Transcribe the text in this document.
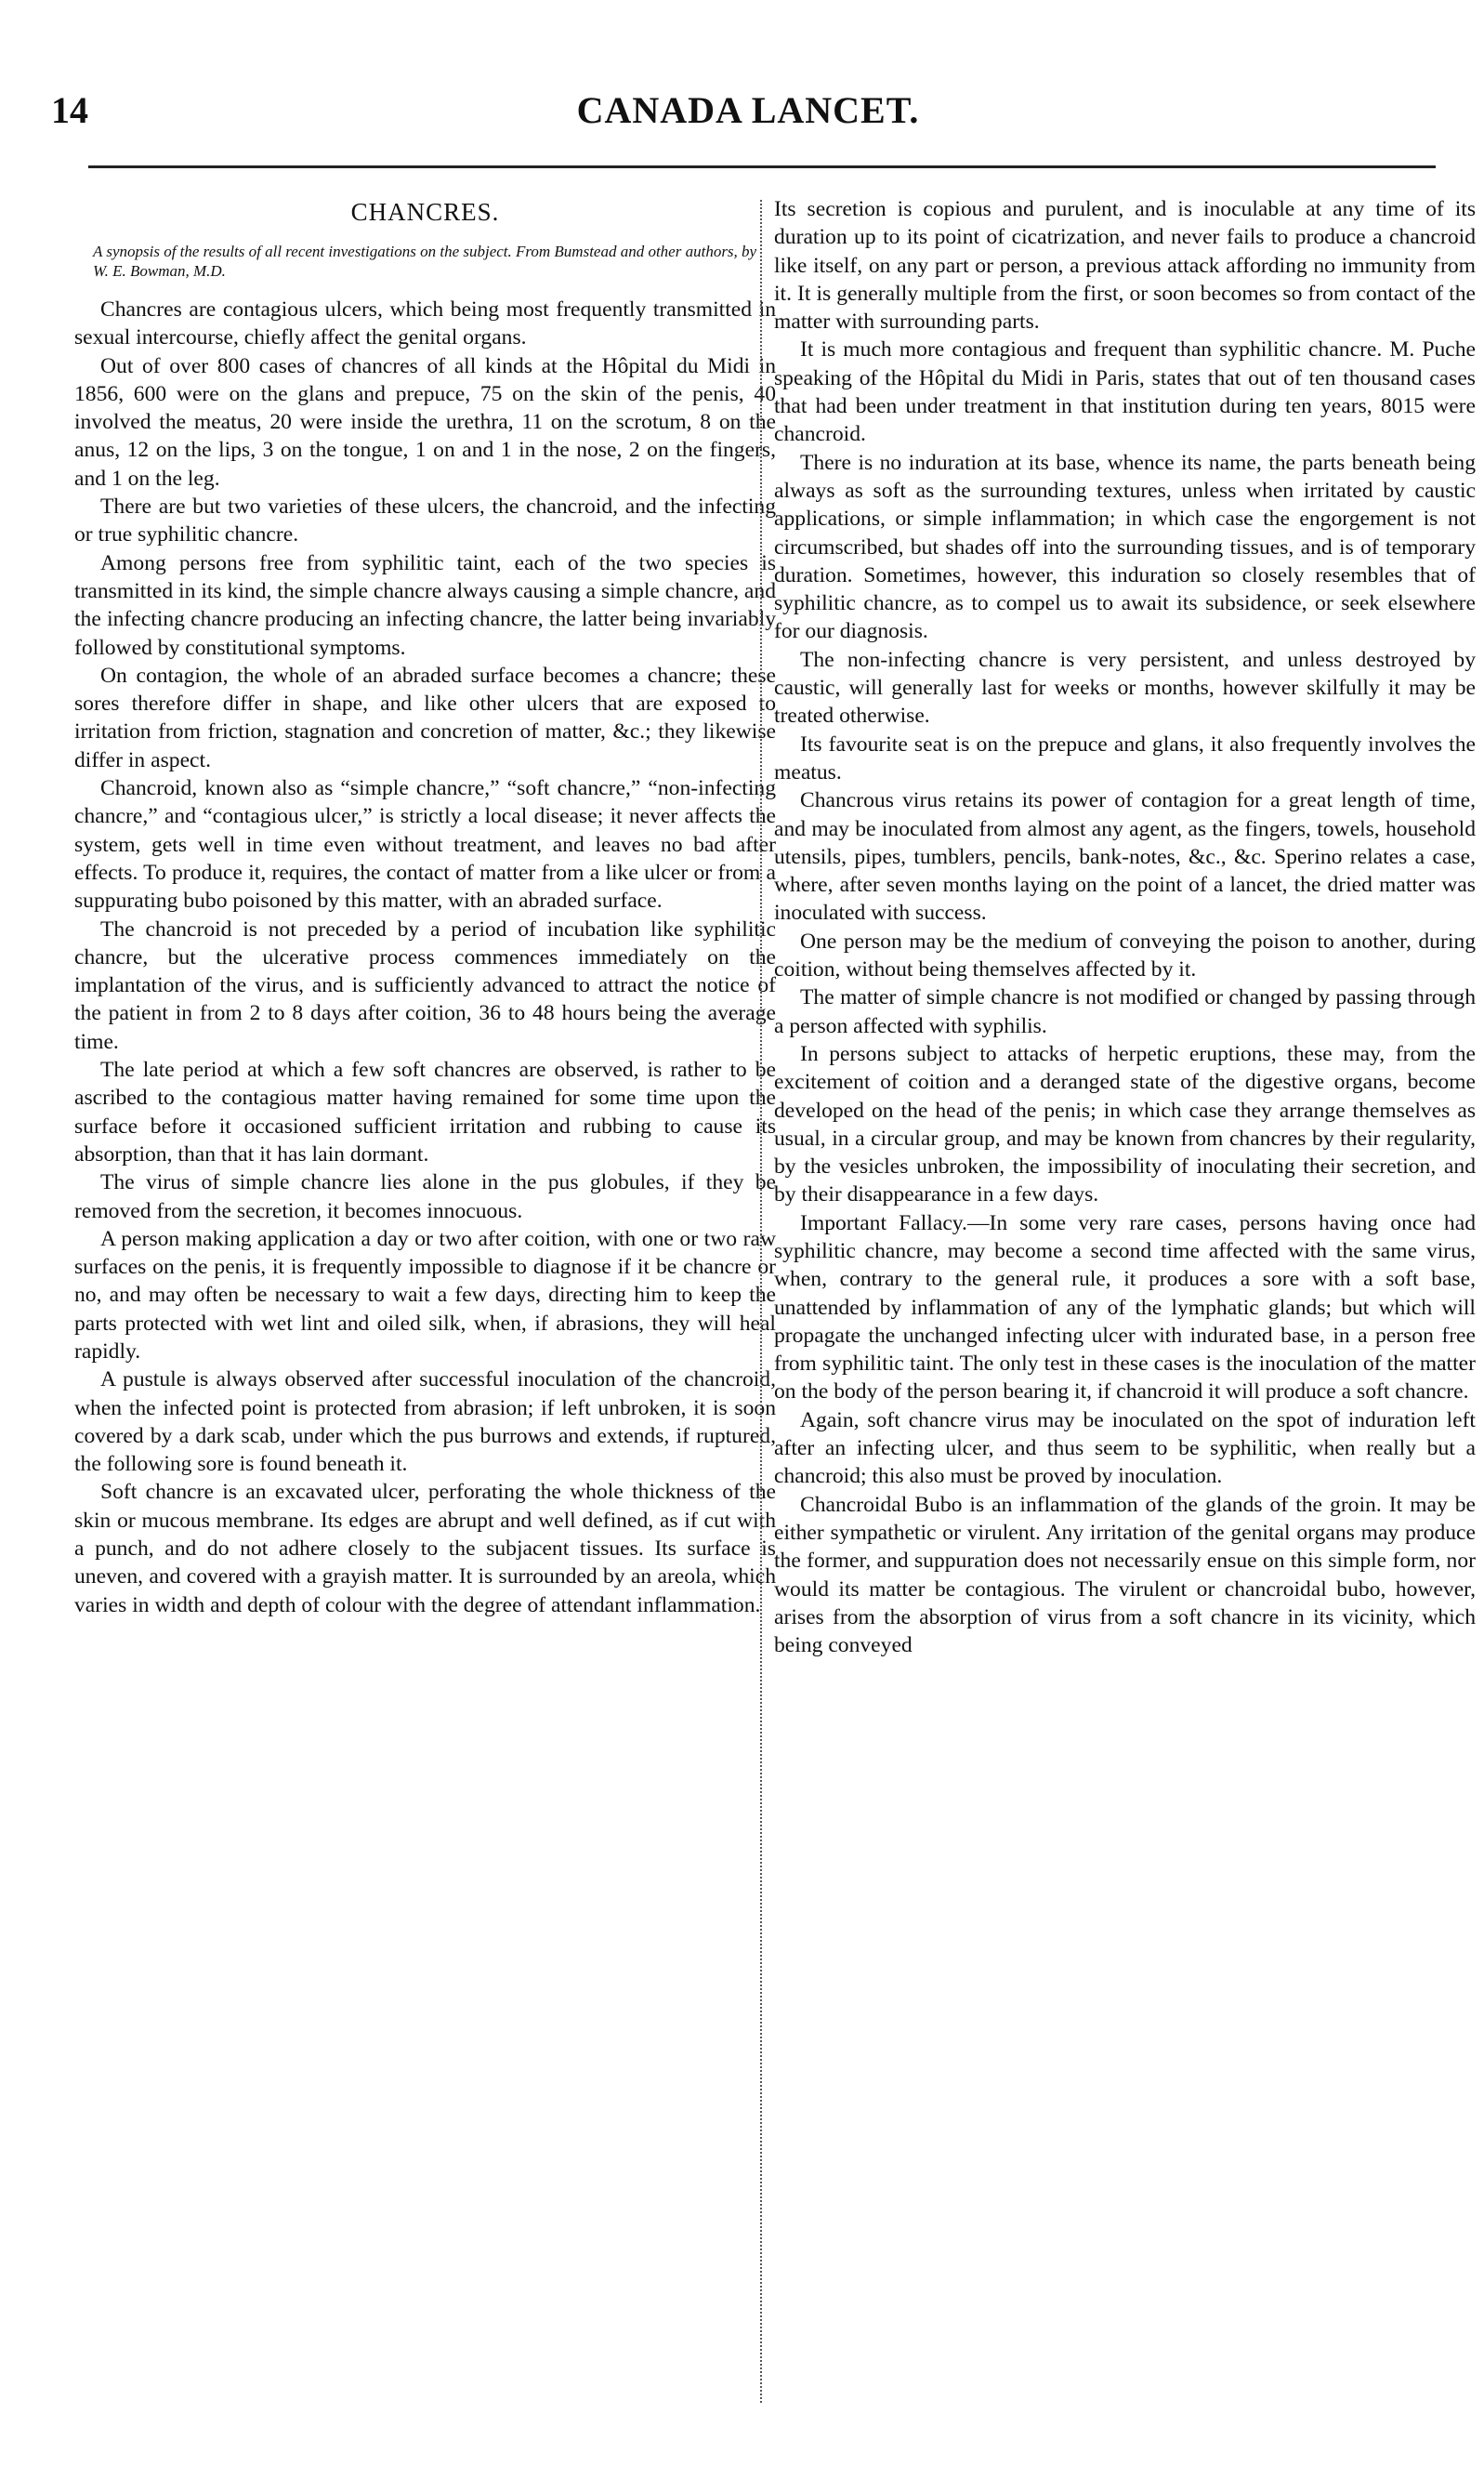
14	CANADA LANCET.
CHANCRES.
A synopsis of the results of all recent investigations on the subject. From Bumstead and other authors, by W. E. Bowman, M.D.

Chancres are contagious ulcers, which being most frequently transmitted in sexual intercourse, chiefly affect the genital organs.

Out of over 800 cases of chancres of all kinds at the Hôpital du Midi in 1856, 600 were on the glans and prepuce, 75 on the skin of the penis, 40 involved the meatus, 20 were inside the urethra, 11 on the scrotum, 8 on the anus, 12 on the lips, 3 on the tongue, 1 on and 1 in the nose, 2 on the fingers, and 1 on the leg.

There are but two varieties of these ulcers, the chancroid, and the infecting or true syphilitic chancre.

Among persons free from syphilitic taint, each of the two species is transmitted in its kind, the simple chancre always causing a simple chancre, and the infecting chancre producing an infecting chancre, the latter being invariably followed by constitutional symptoms.

On contagion, the whole of an abraded surface becomes a chancre; these sores therefore differ in shape, and like other ulcers that are exposed to irritation from friction, stagnation and concretion of matter, &c.; they likewise differ in aspect.

Chancroid, known also as “simple chancre,” “soft chancre,” “non-infecting chancre,” and “contagious ulcer,” is strictly a local disease; it never affects the system, gets well in time even without treatment, and leaves no bad after effects. To produce it, requires, the contact of matter from a like ulcer or from a suppurating bubo poisoned by this matter, with an abraded surface.

The chancroid is not preceded by a period of incubation like syphilitic chancre, but the ulcerative process commences immediately on the implantation of the virus, and is sufficiently advanced to attract the notice of the patient in from 2 to 8 days after coition, 36 to 48 hours being the average time.

The late period at which a few soft chancres are observed, is rather to be ascribed to the contagious matter having remained for some time upon the surface before it occasioned sufficient irritation and rubbing to cause its absorption, than that it has lain dormant.

The virus of simple chancre lies alone in the pus globules, if they be removed from the secretion, it becomes innocuous.

A person making application a day or two after coition, with one or two raw surfaces on the penis, it is frequently impossible to diagnose if it be chancre or no, and may often be necessary to wait a few days, directing him to keep the parts protected with wet lint and oiled silk, when, if abrasions, they will heal rapidly.

A pustule is always observed after successful inoculation of the chancroid, when the infected point is protected from abrasion; if left unbroken, it is soon covered by a dark scab, under which the pus burrows and extends, if ruptured, the following sore is found beneath it.

Soft chancre is an excavated ulcer, perforating the whole thickness of the skin or mucous membrane. Its edges are abrupt and well defined, as if cut with a punch, and do not adhere closely to the subjacent tissues. Its surface is uneven, and covered with a grayish matter. It is surrounded by an areola, which varies in width and depth of colour with the degree of attendant inflammation.

Its secretion is copious and purulent, and is inoculable at any time of its duration up to its point of cicatrization, and never fails to produce a chancroid like itself, on any part or person, a previous attack affording no immunity from it. It is generally multiple from the first, or soon becomes so from contact of the matter with surrounding parts.

It is much more contagious and frequent than syphilitic chancre. M. Puche speaking of the Hôpital du Midi in Paris, states that out of ten thousand cases that had been under treatment in that institution during ten years, 8015 were chancroid.

There is no induration at its base, whence its name, the parts beneath being always as soft as the surrounding textures, unless when irritated by caustic applications, or simple inflammation; in which case the engorgement is not circumscribed, but shades off into the surrounding tissues, and is of temporary duration. Sometimes, however, this induration so closely resembles that of syphilitic chancre, as to compel us to await its subsidence, or seek elsewhere for our diagnosis.

The non-infecting chancre is very persistent, and unless destroyed by caustic, will generally last for weeks or months, however skilfully it may be treated otherwise.

Its favourite seat is on the prepuce and glans, it also frequently involves the meatus.

Chancrous virus retains its power of contagion for a great length of time, and may be inoculated from almost any agent, as the fingers, towels, household utensils, pipes, tumblers, pencils, bank-notes, &c., &c. Sperino relates a case, where, after seven months laying on the point of a lancet, the dried matter was inoculated with success.

One person may be the medium of conveying the poison to another, during coition, without being themselves affected by it.

The matter of simple chancre is not modified or changed by passing through a person affected with syphilis.

In persons subject to attacks of herpetic eruptions, these may, from the excitement of coition and a deranged state of the digestive organs, become developed on the head of the penis; in which case they arrange themselves as usual, in a circular group, and may be known from chancres by their regularity, by the vesicles unbroken, the impossibility of inoculating their secretion, and by their disappearance in a few days.

Important Fallacy.—In some very rare cases, persons having once had syphilitic chancre, may become a second time affected with the same virus, when, contrary to the general rule, it produces a sore with a soft base, unattended by inflammation of any of the lymphatic glands; but which will propagate the unchanged infecting ulcer with indurated base, in a person free from syphilitic taint. The only test in these cases is the inoculation of the matter on the body of the person bearing it, if chancroid it will produce a soft chancre.

Again, soft chancre virus may be inoculated on the spot of induration left after an infecting ulcer, and thus seem to be syphilitic, when really but a chancroid; this also must be proved by inoculation.

Chancroidal Bubo is an inflammation of the glands of the groin. It may be either sympathetic or virulent. Any irritation of the genital organs may produce the former, and suppuration does not necessarily ensue on this simple form, nor would its matter be contagious. The virulent or chancroidal bubo, however, arises from the absorption of virus from a soft chancre in its vicinity, which being conveyed
